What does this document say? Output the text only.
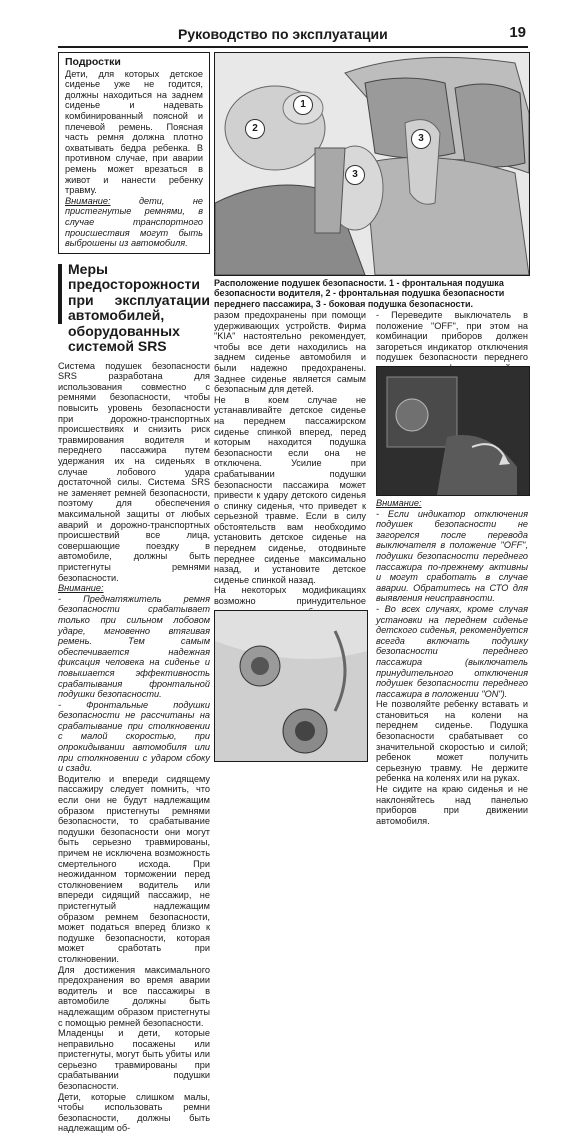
Руководство по эксплуатации	19
Подростки

Дети, для которых детское сиденье уже не годится, должны находиться на заднем сиденье и надевать комбинированный поясной и плечевой ремень. Поясная часть ремня должна плотно охватывать бедра ребенка. В противном случае, при аварии ремень может врезаться в живот и нанести ребенку травму.

Внимание: дети, не пристегнутые ремнями, в случае транспортного происшествия могут быть выброшены из автомобиля.

Меры предосторожности при эксплуатации автомобилей, оборудованных системой SRS

Система подушек безопасности SRS разработана для использования совместно с ремнями безопасности, чтобы повысить уровень безопасности при дорожно-транспортных происшествиях и снизить риск травмирования водителя и переднего пассажира путем удержания их на сиденьях в случае лобового удара достаточной силы. Система SRS не заменяет ремней безопасности, поэтому для обеспечения максимальной защиты от любых аварий и дорожно-транспортных происшествий все лица, совершающие поездку в автомобиле, должны быть пристегнуты ремнями безопасности.

Внимание:

- Преднатяжитель ремня безопасности срабатывает только при сильном лобовом ударе, мгновенно втягивая ремень. Тем самым обеспечивается надежная фиксация человека на сиденье и повышается эффективность срабатывания фронтальной подушки безопасности.

- Фронтальные подушки безопасности не рассчитаны на срабатывание при столкновении с малой скоростью, при опрокидывании автомобиля или при столкновении с ударом сбоку и сзади.

Водителю и впереди сидящему пассажиру следует помнить, что если они не будут надлежащим образом пристегнуты ремнями безопасности, то срабатывание подушки безопасности они могут быть серьезно травмированы, причем не исключена возможность смертельного исхода. При неожиданном торможении перед столкновением водитель или впереди сидящий пассажир, не пристегнутый надлежащим образом ремнем безопасности, может податься вперед близко к подушке безопасности, которая может сработать при столкновении.

Для достижения максимального предохранения во время аварии водитель и все пассажиры в автомобиле должны быть надлежащим образом пристегнуты с помощью ремней безопасности.

Младенцы и дети, которые неправильно посажены или пристегнуты, могут быть убиты или серьезно травмированы при срабатывании подушки безопасности.

Дети, которые слишком малы, чтобы использовать ремни безопасности, должны быть надлежащим об-

1
2
3
3
Расположение подушек безопасности. 1 - фронтальная подушка безопасности водителя, 2 - фронтальная подушка безопасности переднего пассажира, 3 - боковая подушка безопасности.

разом предохранены при помощи удерживающих устройств. Фирма "KIA" настоятельно рекомендует, чтобы все дети находились на заднем сиденье автомобиля и были надежно предохранены. Заднее сиденье является самым безопасным для детей.

Не в коем случае не устанавливайте детское сиденье на переднем пассажирском сиденье спинкой вперед, перед которым находится подушка безопасности если она не отключена. Усилие при срабатывании подушки безопасности пассажира может привести к удару детского сиденья о спинку сиденья, что приведет к серьезной травме. Если в силу обстоятельств вам необходимо установить детское сиденье на переднем сиденье, отодвиньте переднее сиденье максимально назад, и установите детское сиденье спинкой назад.

На некоторых модификациях возможно принудительное

- Переведите выключатель в положение "OFF", при этом на комбинации приборов должен загореться индикатор отключения подушек безопасности переднего

Внимание:

- Если индикатор отключения подушек безопасности не загорелся после перевода выключателя в положение "OFF", подушки безопасности переднего пассажира по-прежнему активны и могут сработать в случае аварии. Обратитесь на СТО для выявления неисправности.

- Во всех случаях, кроме случая установки на переднем сиденье детского сиденья, рекомендуется всегда включать подушку безопасности переднего пассажира (выключатель принудительного отключения подушек безопасности переднего пассажира в положении "ON").

Не позволяйте ребенку вставать и становиться на колени на переднем сиденье. Подушка безопасности срабатывает со значительной скоростью и силой; ребенок может получить серьезную травму. Не держите ребенка на коленях или на руках.

Не сидите на краю сиденья и не наклоняйтесь над панелью приборов при движении автомобиля.
